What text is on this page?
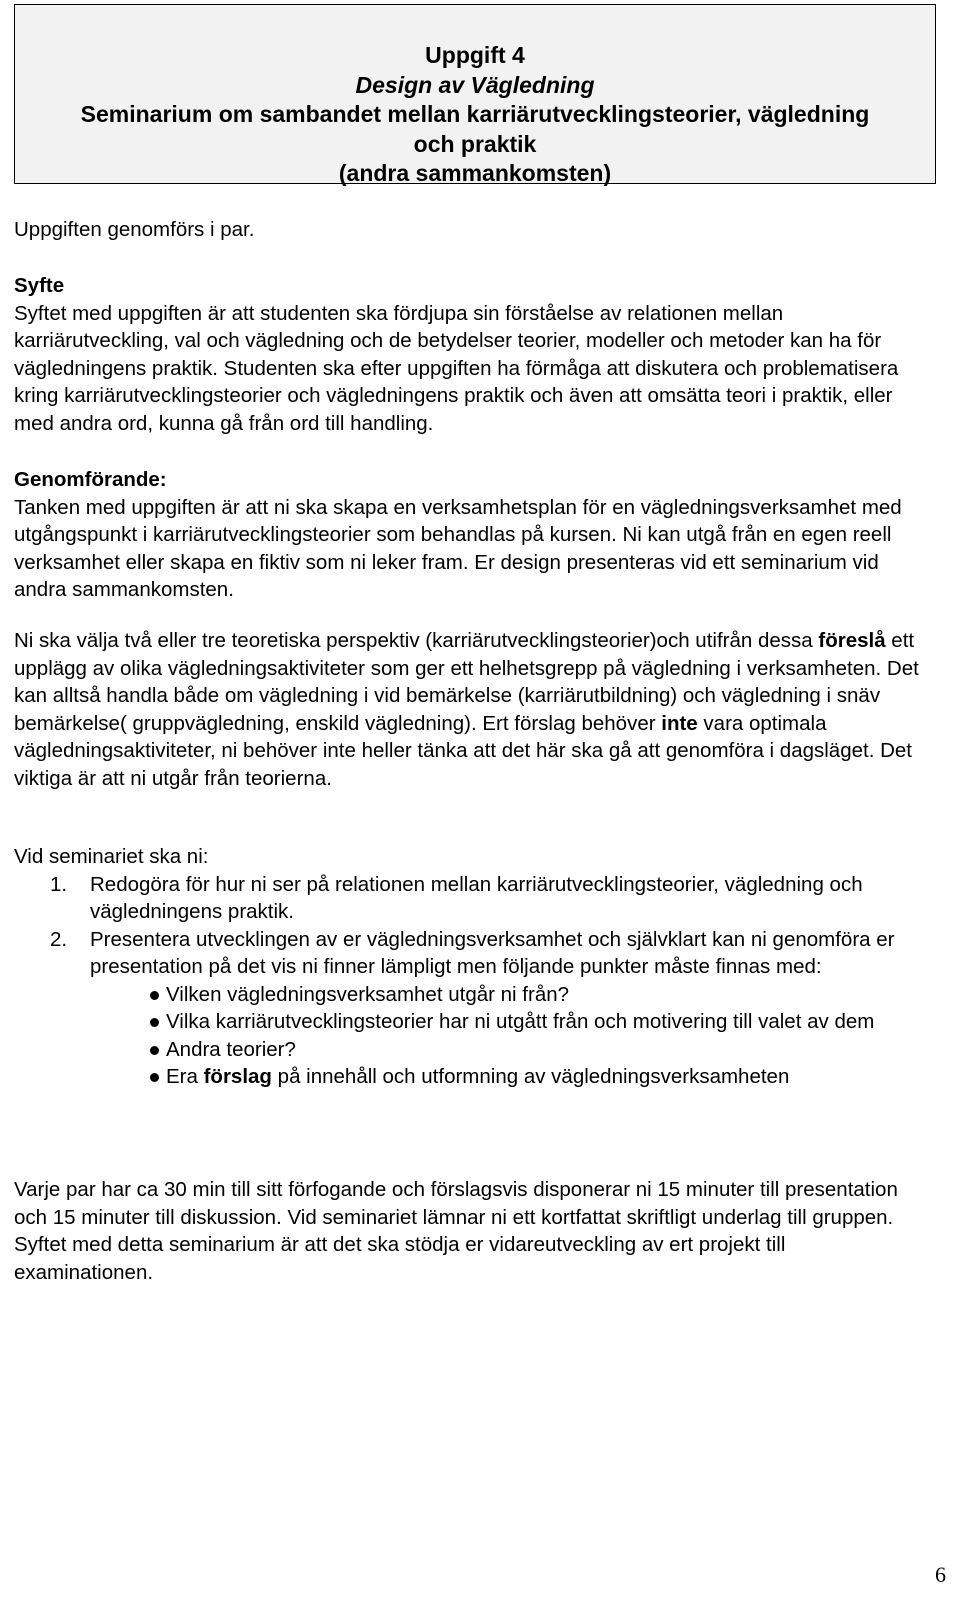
Uppgift 4
Design av Vägledning
Seminarium om sambandet mellan karriärutvecklingsteorier, vägledning
och praktik
(andra sammankomsten)
Uppgiften genomförs i par.
Syfte
Syftet med uppgiften är att studenten ska fördjupa sin förståelse av relationen mellan karriärutveckling, val och vägledning och de betydelser teorier, modeller och metoder kan ha för vägledningens praktik. Studenten ska efter uppgiften ha förmåga att diskutera och problematisera kring karriärutvecklingsteorier och vägledningens praktik och även att omsätta teori i praktik, eller med andra ord, kunna gå från ord till handling.
Genomförande:
Tanken med uppgiften är att ni ska skapa en verksamhetsplan för en vägledningsverksamhet med utgångspunkt i karriärutvecklingsteorier som behandlas på kursen. Ni kan utgå från en egen reell verksamhet eller skapa en fiktiv som ni leker fram. Er design presenteras vid ett seminarium vid andra sammankomsten.
Ni ska välja två eller tre teoretiska perspektiv (karriärutvecklingsteorier)och utifrån dessa föreslå ett upplägg av olika vägledningsaktiviteter som ger ett helhetsgrepp på vägledning i verksamheten. Det kan alltså handla både om vägledning i vid bemärkelse (karriärutbildning) och vägledning i snäv bemärkelse( gruppvägledning, enskild vägledning). Ert förslag behöver inte vara optimala vägledningsaktiviteter, ni behöver inte heller tänka att det här ska gå att genomföra i dagsläget. Det viktiga är att ni utgår från teorierna.
Vid seminariet ska ni:
1. Redogöra för hur ni ser på relationen mellan karriärutvecklingsteorier, vägledning och vägledningens praktik.
2. Presentera utvecklingen av er vägledningsverksamhet och självklart kan ni genomföra er presentation på det vis ni finner lämpligt men följande punkter måste finnas med:
Vilken vägledningsverksamhet utgår ni från?
Vilka karriärutvecklingsteorier har ni utgått från och motivering till valet av dem
Andra teorier?
Era förslag på innehåll och utformning av vägledningsverksamheten
Varje par har ca 30 min till sitt förfogande och förslagsvis disponerar ni 15 minuter till presentation och 15 minuter till diskussion. Vid seminariet lämnar ni ett kortfattat skriftligt underlag till gruppen. Syftet med detta seminarium är att det ska stödja er vidareutveckling av ert projekt till examinationen.
6
